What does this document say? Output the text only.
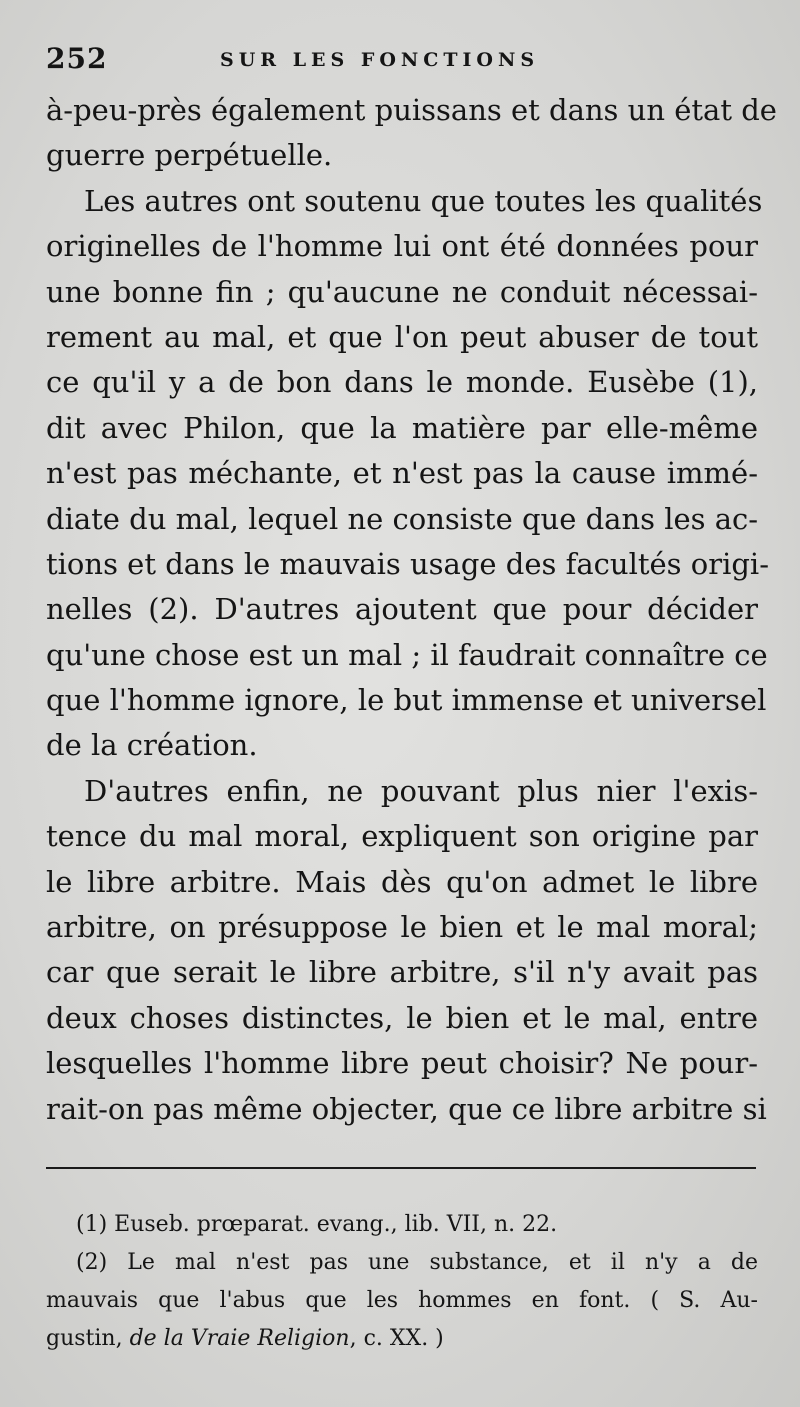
252	SUR LES FONCTIONS
à-peu-près également puissans et dans un état de
guerre perpétuelle.
Les autres ont soutenu que toutes les qualités
originelles de l'homme lui ont été données pour
une bonne fin ; qu'aucune ne conduit nécessai-
rement au mal, et que l'on peut abuser de tout
ce qu'il y a de bon dans le monde. Eusèbe (1),
dit avec Philon, que la matière par elle-même
n'est pas méchante, et n'est pas la cause immé-
diate du mal, lequel ne consiste que dans les ac-
tions et dans le mauvais usage des facultés origi-
nelles (2). D'autres ajoutent que pour décider
qu'une chose est un mal ; il faudrait connaître ce
que l'homme ignore, le but immense et universel
de la création.
D'autres enfin, ne pouvant plus nier l'exis-
tence du mal moral, expliquent son origine par
le libre arbitre. Mais dès qu'on admet le libre
arbitre, on présuppose le bien et le mal moral;
car que serait le libre arbitre, s'il n'y avait pas
deux choses distinctes, le bien et le mal, entre
lesquelles l'homme libre peut choisir? Ne pour-
rait-on pas même objecter, que ce libre arbitre si
(1) Euseb. prœparat. evang., lib. VII, n. 22.
(2) Le mal n'est pas une substance, et il n'y a de
mauvais que l'abus que les hommes en font. ( S. Au-
gustin, de la Vraie Religion, c. XX. )
